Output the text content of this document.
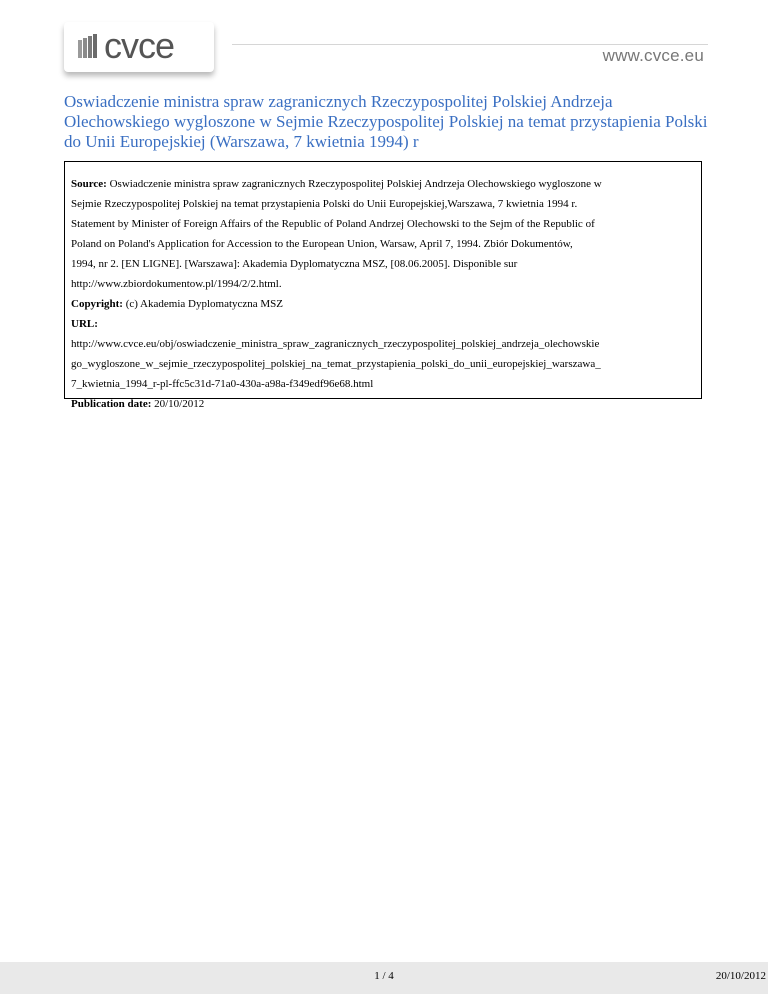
cvce	www.cvce.eu
Oswiadczenie ministra spraw zagranicznych Rzeczypospolitej Polskiej Andrzeja Olechowskiego wygloszone w Sejmie Rzeczypospolitej Polskiej na temat przystapienia Polski do Unii Europejskiej (Warszawa, 7 kwietnia 1994) r
Source: Oswiadczenie ministra spraw zagranicznych Rzeczypospolitej Polskiej Andrzeja Olechowskiego wygloszone w
Sejmie Rzeczypospolitej Polskiej na temat przystapienia Polski do Unii Europejskiej,Warszawa, 7 kwietnia 1994 r.
Statement by Minister of Foreign Affairs of the Republic of Poland Andrzej Olechowski to the Sejm of the Republic of
Poland on Poland's Application for Accession to the European Union, Warsaw, April 7, 1994. Zbiór Dokumentów,
1994, nr 2. [EN LIGNE]. [Warszawa]: Akademia Dyplomatyczna MSZ, [08.06.2005]. Disponible sur
http://www.zbiordokumentow.pl/1994/2/2.html.
Copyright: (c) Akademia Dyplomatyczna MSZ
URL:
http://www.cvce.eu/obj/oswiadczenie_ministra_spraw_zagranicznych_rzeczypospolitej_polskiej_andrzeja_olechowskie
go_wygloszone_w_sejmie_rzeczypospolitej_polskiej_na_temat_przystapienia_polski_do_unii_europejskiej_warszawa_
7_kwietnia_1994_r-pl-ffc5c31d-71a0-430a-a98a-f349edf96e68.html
Publication date: 20/10/2012
1 / 4	20/10/2012
